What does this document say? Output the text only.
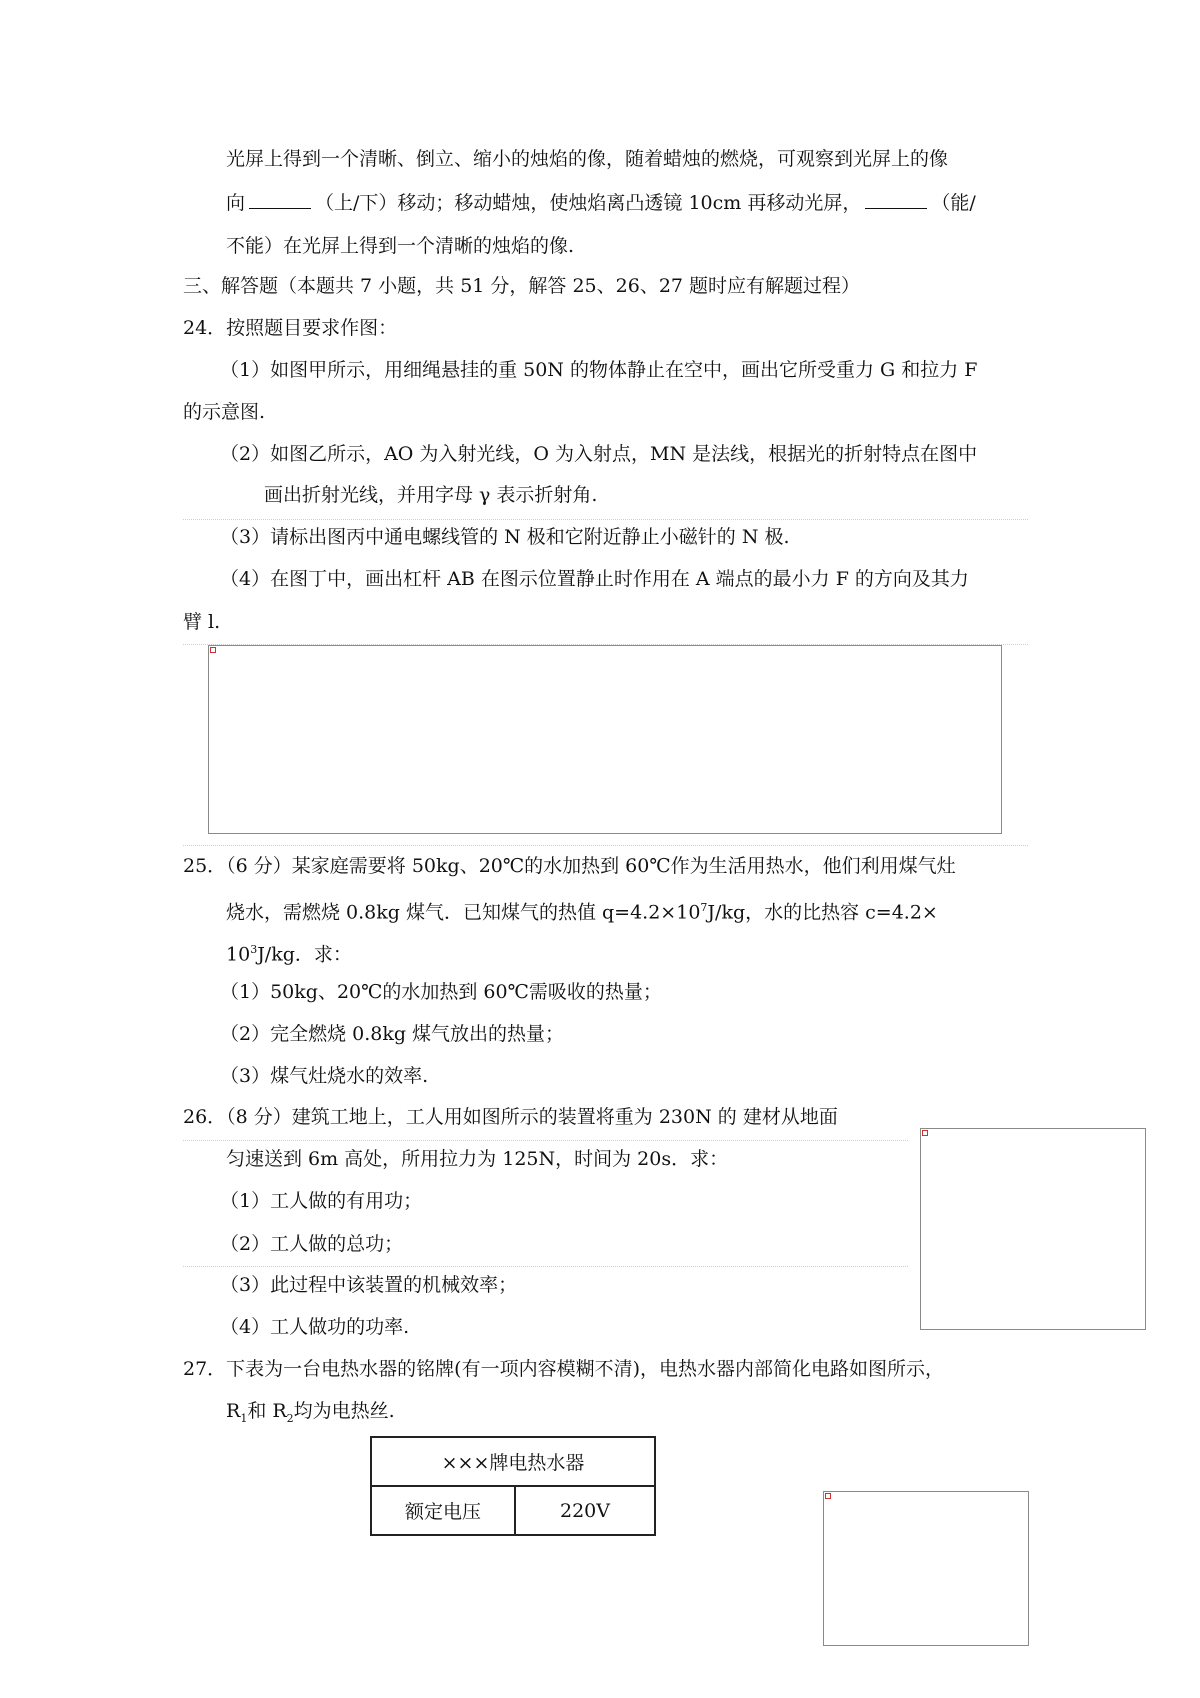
光屏上得到一个清晰、倒立、缩小的烛焰的像，随着蜡烛的燃烧，可观察到光屏上的像
向	（上/下）移动；移动蜡烛，使烛焰离凸透镜 10cm 再移动光屏，	（能/
不能）在光屏上得到一个清晰的烛焰的像.
三、解答题（本题共 7 小题，共 51 分，解答 25、26、27 题时应有解题过程）
24．按照题目要求作图：
（1）如图甲所示，用细绳悬挂的重 50N 的物体静止在空中，画出它所受重力 G 和拉力 F
的示意图.
（2）如图乙所示，AO 为入射光线，O 为入射点，MN 是法线，根据光的折射特点在图中
画出折射光线，并用字母 γ 表示折射角.
（3）请标出图丙中通电螺线管的 N 极和它附近静止小磁针的 N 极.
（4）在图丁中，画出杠杆 AB 在图示位置静止时作用在 A 端点的最小力 F 的方向及其力
臂 l.
25．（6 分）某家庭需要将 50kg、20℃的水加热到 60℃作为生活用热水，他们利用煤气灶
烧水，需燃烧 0.8kg 煤气．已知煤气的热值 $q=4.2\times 10^7J/kg$，水的比热容 c=4.2×
$10^3J/kg$．求：
（1）50kg、20℃的水加热到 60℃需吸收的热量；
（2）完全燃烧 0.8kg 煤气放出的热量；
（3）煤气灶烧水的效率.
26．（8 分）建筑工地上，工人用如图所示的装置将重为 230N 的 建材从地面
匀速送到 6m 高处，所用拉力为 125N，时间为 20s．求：
（1）工人做的有用功；
（2）工人做的总功；
（3）此过程中该装置的机械效率；
（4）工人做功的功率.
27．下表为一台电热水器的铭牌(有一项内容模糊不清)，电热水器内部简化电路如图所示，
$R_1$和 $R_2$均为电热丝.
×××牌电热水器
额定电压	220V
